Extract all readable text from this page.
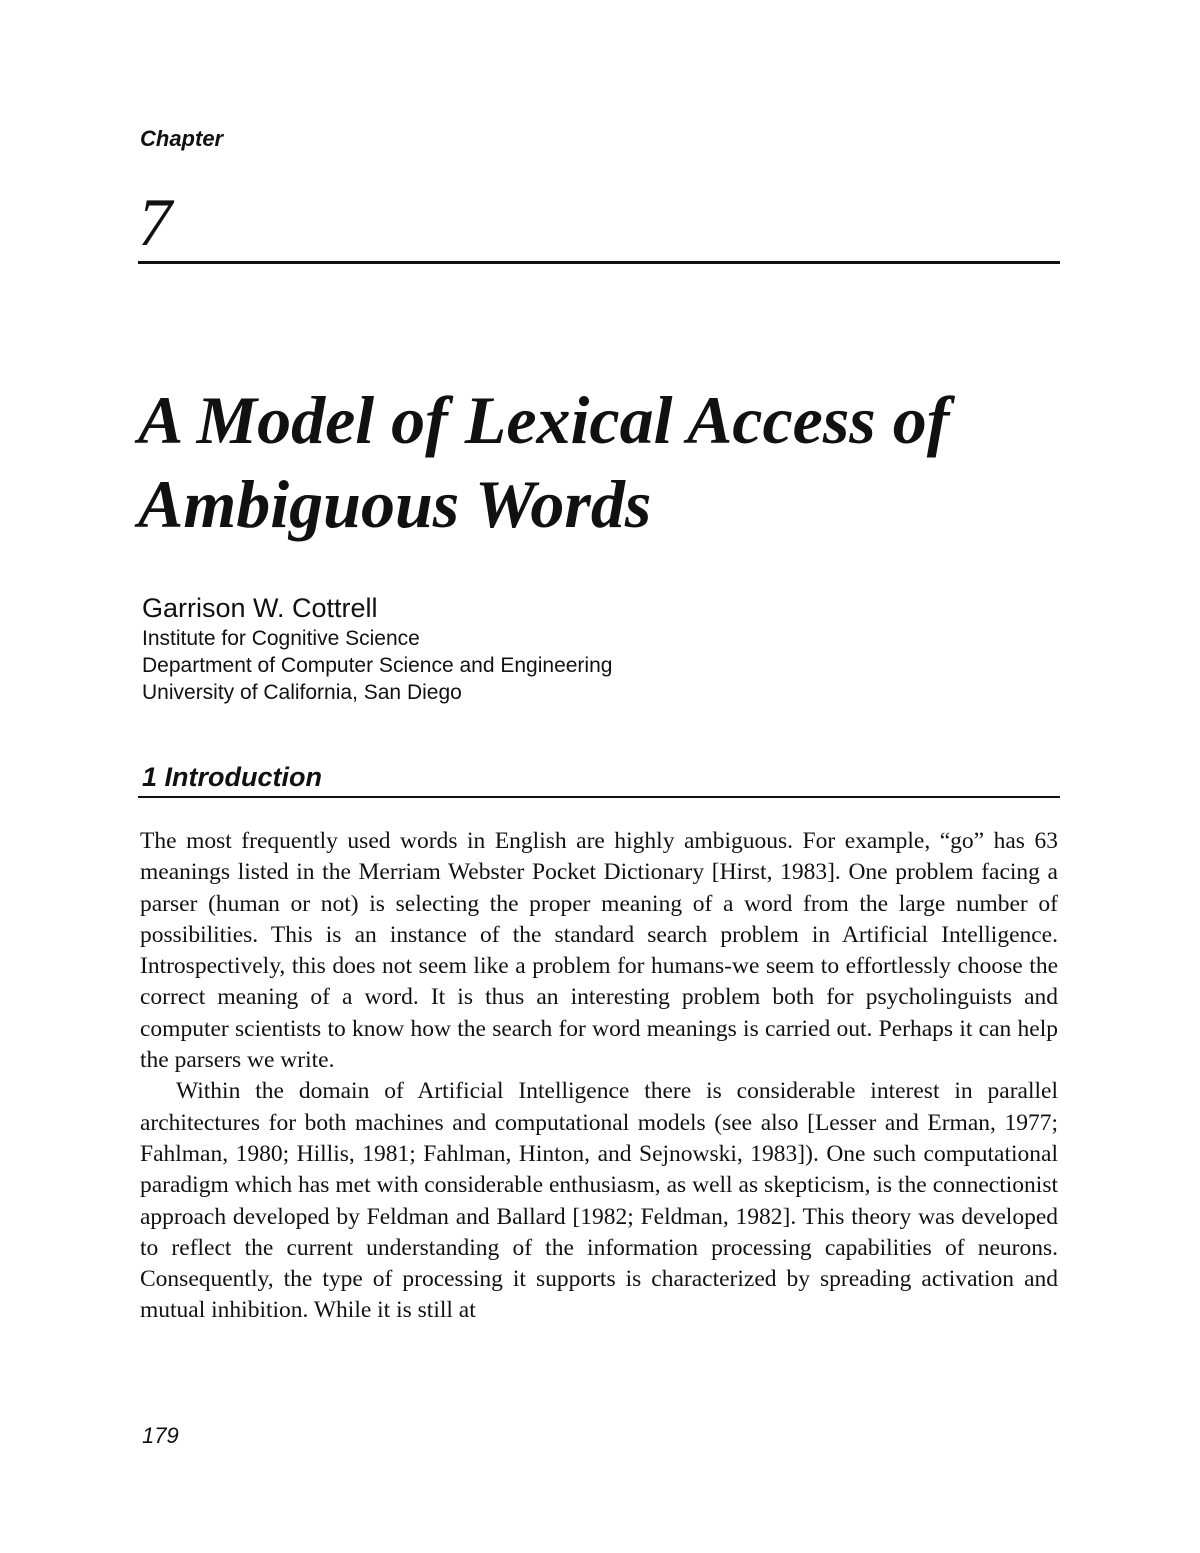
Chapter
7
A Model of Lexical Access of
Ambiguous Words
Garrison W. Cottrell
Institute for Cognitive Science
Department of Computer Science and Engineering
University of California, San Diego
1 Introduction

The most frequently used words in English are highly ambiguous. For example, “go” has 63 meanings listed in the Merriam Webster Pocket Dictionary [Hirst, 1983]. One problem facing a parser (human or not) is selecting the proper meaning of a word from the large number of possibilities. This is an instance of the standard search problem in Artificial Intelligence. Introspectively, this does not seem like a problem for humans-we seem to effortlessly choose the correct meaning of a word. It is thus an interesting problem both for psycholinguists and computer scientists to know how the search for word meanings is carried out. Perhaps it can help the parsers we write.

Within the domain of Artificial Intelligence there is considerable interest in parallel architectures for both machines and computational models (see also [Lesser and Erman, 1977; Fahlman, 1980; Hillis, 1981; Fahlman, Hinton, and Sejnowski, 1983]). One such computational paradigm which has met with considerable enthusiasm, as well as skepticism, is the connectionist approach developed by Feldman and Ballard [1982; Feldman, 1982]. This theory was developed to reflect the current understanding of the information processing capabilities of neurons. Consequently, the type of processing it supports is characterized by spreading activation and mutual inhibition. While it is still at

179
